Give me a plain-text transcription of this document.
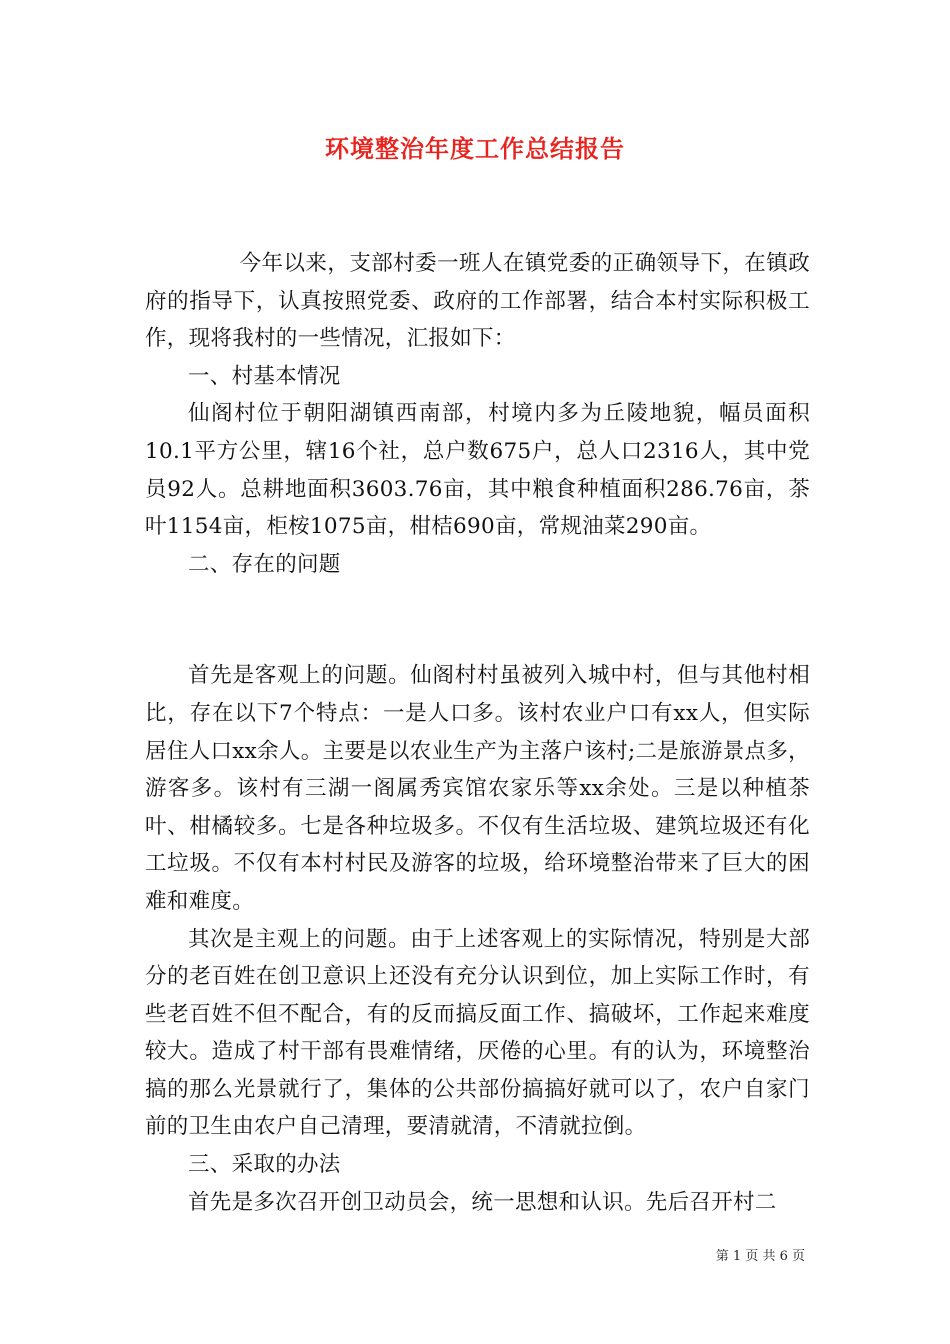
环境整治年度工作总结报告

今年以来，支部村委一班人在镇党委的正确领导下，在镇政府的指导下，认真按照党委、政府的工作部署，结合本村实际积极工作，现将我村的一些情况，汇报如下：

一、村基本情况

仙阁村位于朝阳湖镇西南部，村境内多为丘陵地貌，幅员面积10.1平方公里，辖16个社，总户数675户，总人口2316人，其中党员92人。总耕地面积3603.76亩，其中粮食种植面积286.76亩，茶叶1154亩，柜桉1075亩，柑桔690亩，常规油菜290亩。

二、存在的问题

首先是客观上的问题。仙阁村村虽被列入城中村，但与其他村相比，存在以下7个特点：一是人口多。该村农业户口有xx人，但实际居住人口xx余人。主要是以农业生产为主落户该村;二是旅游景点多，游客多。该村有三湖一阁属秀宾馆农家乐等xx余处。三是以种植茶叶、柑橘较多。七是各种垃圾多。不仅有生活垃圾、建筑垃圾还有化工垃圾。不仅有本村村民及游客的垃圾，给环境整治带来了巨大的困难和难度。

其次是主观上的问题。由于上述客观上的实际情况，特别是大部分的老百姓在创卫意识上还没有充分认识到位，加上实际工作时，有些老百姓不但不配合，有的反而搞反面工作、搞破坏，工作起来难度较大。造成了村干部有畏难情绪，厌倦的心里。有的认为，环境整治搞的那么光景就行了，集体的公共部份搞搞好就可以了，农户自家门前的卫生由农户自己清理，要清就清，不清就拉倒。

三、采取的办法

首先是多次召开创卫动员会，统一思想和认识。先后召开村二

第 1 页 共 6 页
